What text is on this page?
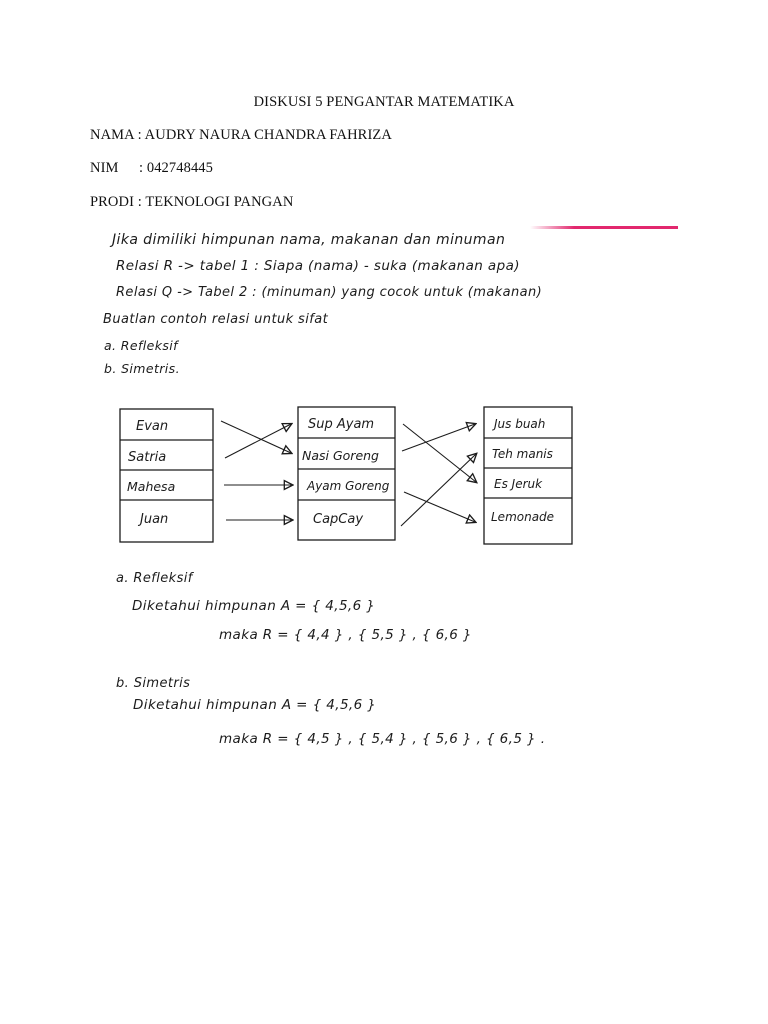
DISKUSI 5 PENGANTAR MATEMATIKA
NAMA : AUDRY NAURA CHANDRA FAHRIZA
NIM : 042748445
PRODI : TEKNOLOGI PANGAN
Jika dimiliki himpunan nama, makanan dan minuman
Relasi R -> tabel 1 : Siapa (nama) - suka (makanan apa)
Relasi Q -> Tabel 2 : (minuman) yang cocok untuk (makanan)
Buatlan contoh relasi untuk sifat
a. Refleksif
b. Simetris.
Evan
Satria
Mahesa
Juan
Sup Ayam
Nasi Goreng
Ayam Goreng
CapCay
Jus buah
Teh manis
Es Jeruk
Lemonade
a. Refleksif
Diketahui himpunan A = { 4,5,6 }
maka R = { 4,4 } , { 5,5 } , { 6,6 }
b. Simetris
Diketahui himpunan A = { 4,5,6 }
maka R = { 4,5 } , { 5,4 } , { 5,6 } , { 6,5 } .
